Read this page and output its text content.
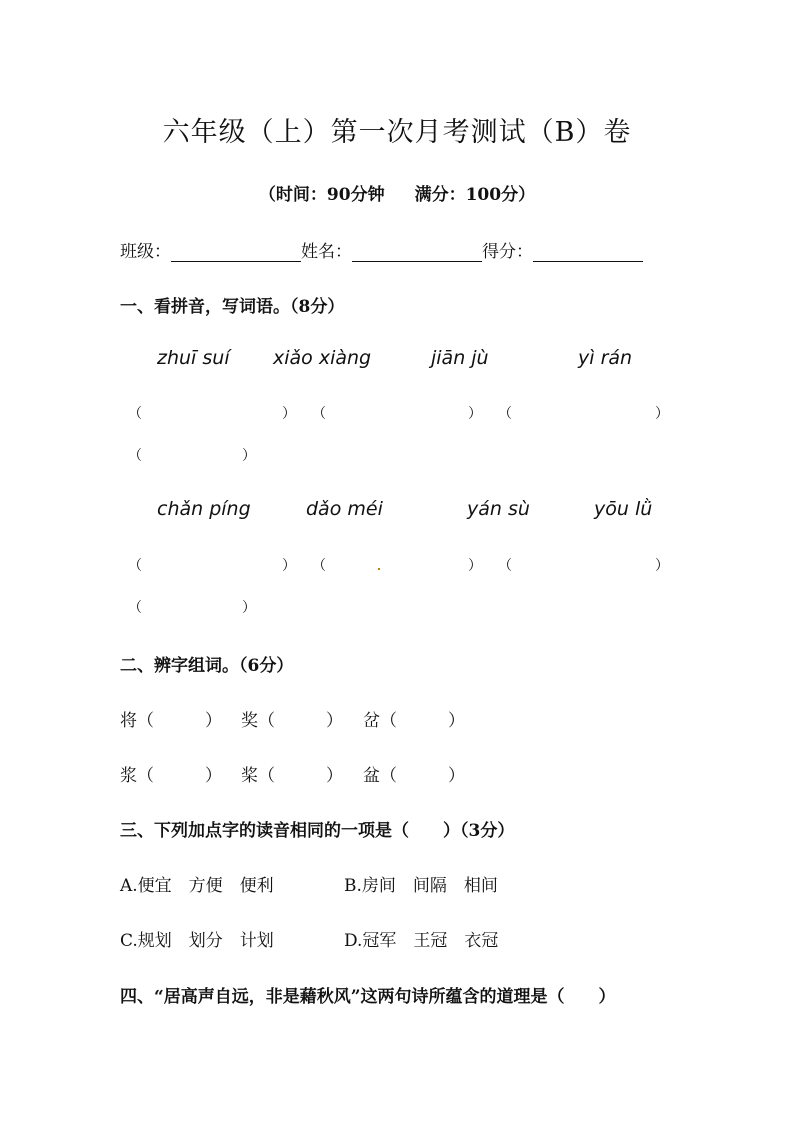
六年级（上）第一次月考测试（B）卷
（时间：90分钟 满分：100分）
班级：	姓名：	得分：
一、看拼音，写词语。（8分）
zhuī suí xiǎo xiàng	jiān jù	yì rán
（	） （	） （	）
（	）
chǎn píng	dǎo méi	yán sù	yōu lǜ
（	） （	） （	）
（	）
二、辨字组词。（6分）
将（	） 奖（	） 岔（	）
浆（	） 桨（	） 盆（	）
三、下列加点字的读音相同的一项是（　　）（3分）
A.便宜　方便　便利	B.房间　间隔　相间
C.规划　划分　计划	D.冠军　王冠　衣冠
四、“居高声自远，非是藉秋风”这两句诗所蕴含的道理是（　　）
